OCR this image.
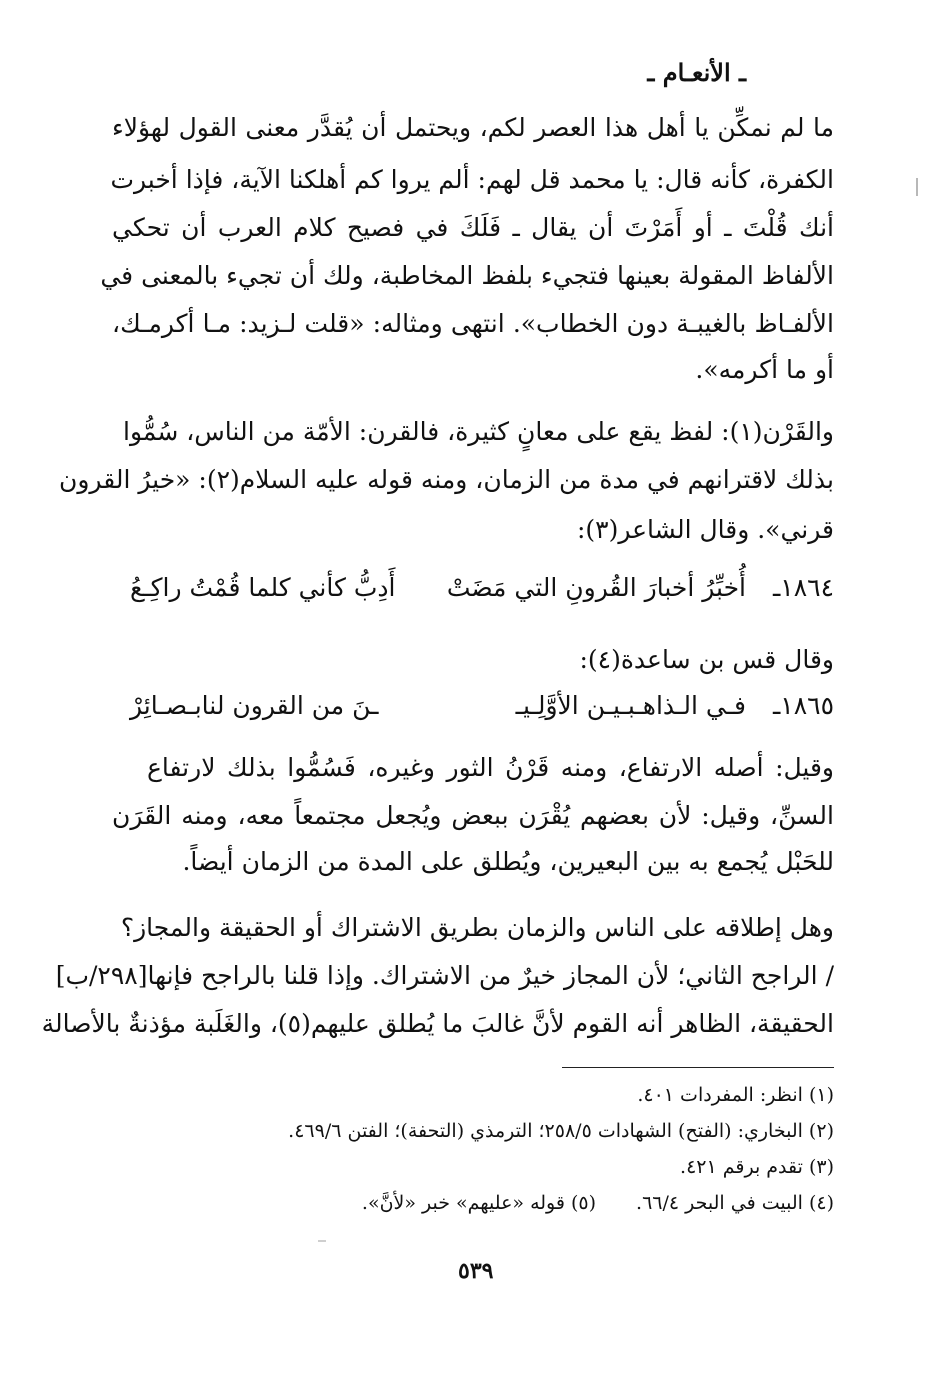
ـ الأنعـام ـ
ما لم نمكِّن يا أهل هذا العصر لكم، ويحتمل أن يُقدَّر معنى القول لهؤلاء
الكفرة، كأنه قال: يا محمد قل لهم: ألم يروا كم أهلكنا الآية، فإذا أخبرت
أنك قُلْتَ ـ أو أَمَرْتَ أن يقال ـ فَلَكَ في فصيح كلام العرب أن تحكي
الألفاظ المقولة بعينها فتجيء بلفظ المخاطبة، ولك أن تجيء بالمعنى في
الألفـاظ بالغيبـة دون الخطاب». انتهى ومثاله: «قلت لـزيد: مـا أكرمـك،
أو ما أكرمه».
والقَرْن(١): لفظ يقع على معانٍ كثيرة، فالقرن: الأمّة من الناس، سُمُّوا
بذلك لاقترانهم في مدة من الزمان، ومنه قوله عليه السلام(٢): «خيرُ القرون
قرني». وقال الشاعر(٣):
١٨٦٤ـ
أُخبِّرُ أخبارَ القُرونِ التي مَضَتْ
أَدِبُّ كأني كلما قُمْتُ راكِـعُ
وقال قس بن ساعدة(٤):
١٨٦٥ـ
فـي الـذاهـبـيـن الأوَّلِـيـ
ـنَ من القرون لنابـصـائِرْ
وقيل: أصله الارتفاع، ومنه قَرْنُ الثور وغيره، فَسُمُّوا بذلك لارتفاع
السنِّ، وقيل: لأن بعضهم يُقْرَن ببعض ويُجعل مجتمعاً معه، ومنه القَرَن
للحَبْل يُجمع به بين البعيرين، ويُطلق على المدة من الزمان أيضاً.
وهل إطلاقه على الناس والزمان بطريق الاشتراك أو الحقيقة والمجاز؟
/ الراجح الثاني؛ لأن المجاز خيرٌ من الاشتراك. وإذا قلنا بالراجح فإنها[٢٩٨/ب]
الحقيقة، الظاهر أنه القوم لأنَّ غالبَ ما يُطلق عليهم(٥)، والغَلَبة مؤذنةٌ بالأصالة
(١) انظر: المفردات ٤٠١.
(٢) البخاري: (الفتح) الشهادات ٢٥٨/٥؛ الترمذي (التحفة)؛ الفتن ٤٦٩/٦.
(٣) تقدم برقم ٤٢١.
(٤) البيت في البحر ٦٦/٤.(٥) قوله «عليهم» خبر «لأنَّ».
٥٣٩
